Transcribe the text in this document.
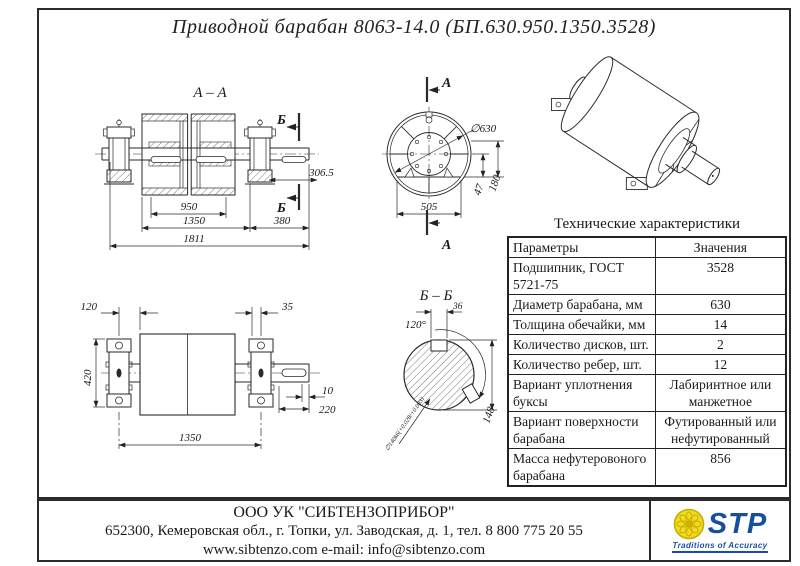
А – А
Б
Б
306.5
950
1350	380
1811
∅630
А
А
505
47 180
120	35
420
10
220
1350
Б – Б
36
120°
148
∅140k6(+0.028/+0.003)
Приводной барабан 8063-14.0 (БП.630.950.1350.3528)
Технические характеристики
Параметры	Значения
Подшипник, ГОСТ 5721-75	3528
Диаметр барабана, мм	630
Толщина обечайки, мм	14
Количество дисков, шт.	2
Количество ребер, шт.	12
Вариант уплотнения буксы	Лабиринтное или манжетное
Вариант поверхности барабана	Футированный или нефутированный
Масса нефутеровоного барабана	856
ООО УК "СИБТЕНЗОПРИБОР"
652300, Кемеровская обл., г. Топки, ул. Заводская, д. 1, тел. 8 800 775 20 55
www.sibtenzo.com e-mail: info@sibtenzo.com
STP
Traditions of Accuracy
